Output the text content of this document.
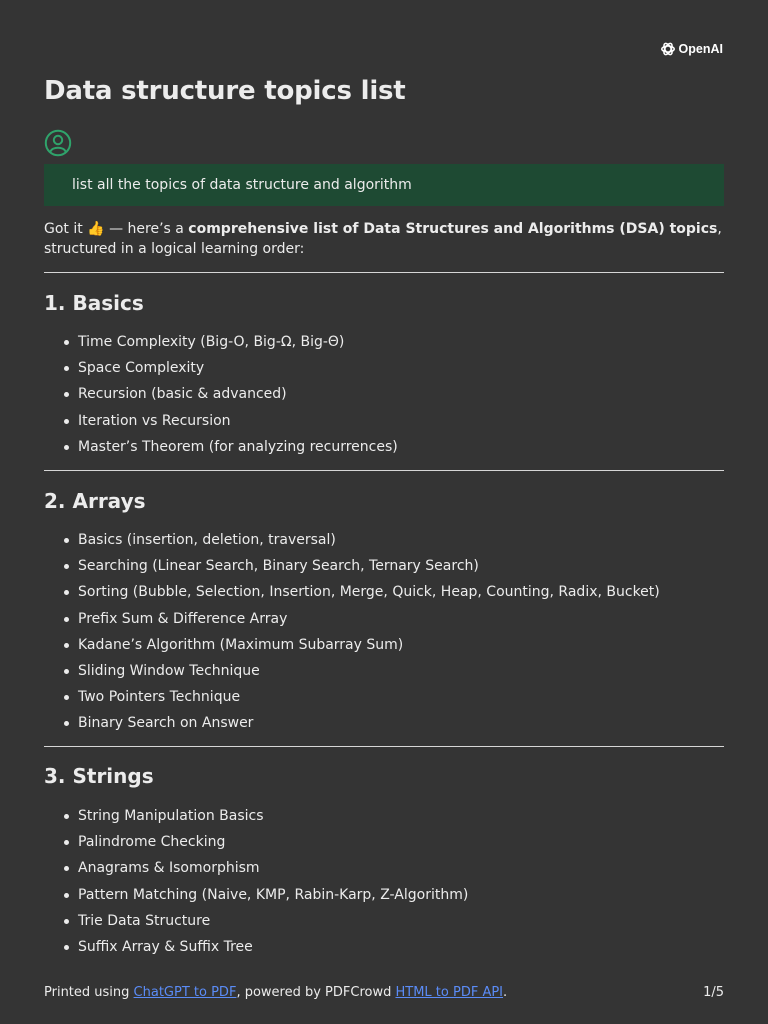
OpenAI
Data structure topics list
list all the topics of data structure and algorithm
Got it 👍 — here’s a comprehensive list of Data Structures and Algorithms (DSA) topics, structured in a logical learning order:
1. Basics
Time Complexity (Big-O, Big-Ω, Big-Θ)
Space Complexity
Recursion (basic & advanced)
Iteration vs Recursion
Master’s Theorem (for analyzing recurrences)
2. Arrays
Basics (insertion, deletion, traversal)
Searching (Linear Search, Binary Search, Ternary Search)
Sorting (Bubble, Selection, Insertion, Merge, Quick, Heap, Counting, Radix, Bucket)
Prefix Sum & Difference Array
Kadane’s Algorithm (Maximum Subarray Sum)
Sliding Window Technique
Two Pointers Technique
Binary Search on Answer
3. Strings
String Manipulation Basics
Palindrome Checking
Anagrams & Isomorphism
Pattern Matching (Naive, KMP, Rabin-Karp, Z-Algorithm)
Trie Data Structure
Suffix Array & Suffix Tree
Printed using ChatGPT to PDF, powered by PDFCrowd HTML to PDF API.	1/5
